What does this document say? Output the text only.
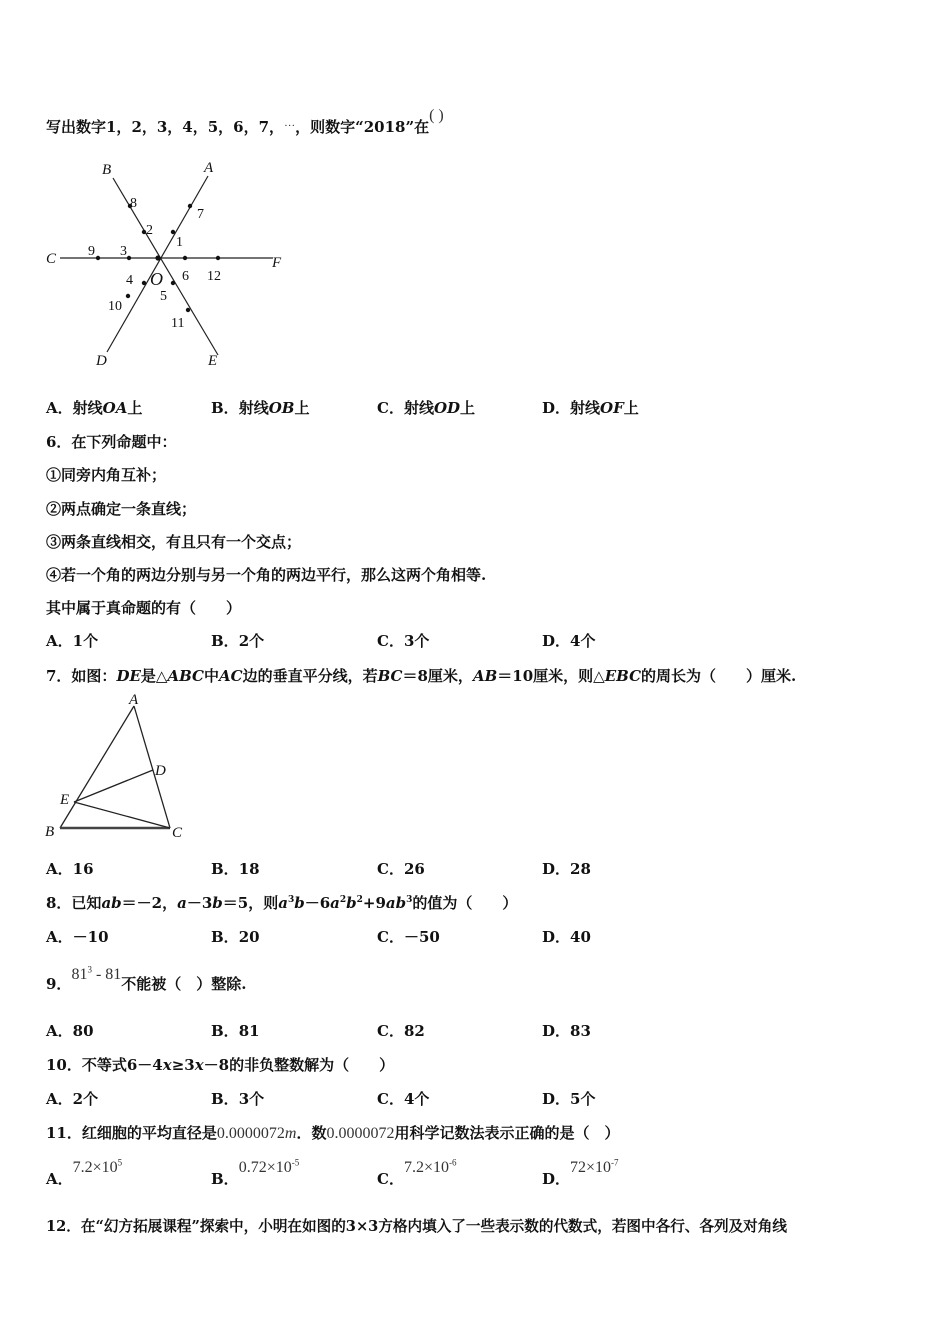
写出数字1，2，3，4，5，6，7，…，则数字“2018”在( )
B	A
C	F
D	E
O
1
2
3
4
5
6
7
8
9
10
11
12
A．射线OA上	B．射线OB上	C．射线OD上	D．射线OF上
6．在下列命题中：
①同旁内角互补；
②两点确定一条直线；
③两条直线相交，有且只有一个交点；
④若一个角的两边分别与另一个角的两边平行，那么这两个角相等.
其中属于真命题的有（　　）
A．1个	B．2个	C．3个	D．4个
7．如图：DE是△ABC中AC边的垂直平分线，若BC＝8厘米，AB＝10厘米，则△EBC的周长为（　　）厘米.
A
D
E
B	C
A．16	B．18	C．26	D．28
8．已知ab＝－2，a－3b＝5，则$a^3b-6a^2b^2+9ab^3$的值为（　　）
A．－10	B．20	C．－50	D．40
9．$81^3 - 81$不能被（　）整除.
A．80	B．81	C．82	D．83
10．不等式6－4x≥3x－8的非负整数解为（　　）
A．2个	B．3个	C．4个	D．5个
11．红细胞的平均直径是0.0000072m．数0.0000072用科学记数法表示正确的是（　）
A．$7.2\times 10^5$
B．$0.72\times 10^{-5}$
C．$7.2\times 10^{-6}$
D．$72\times 10^{-7}$
12．在“幻方拓展课程”探索中，小明在如图的3×3方格内填入了一些表示数的代数式，若图中各行、各列及对角线
